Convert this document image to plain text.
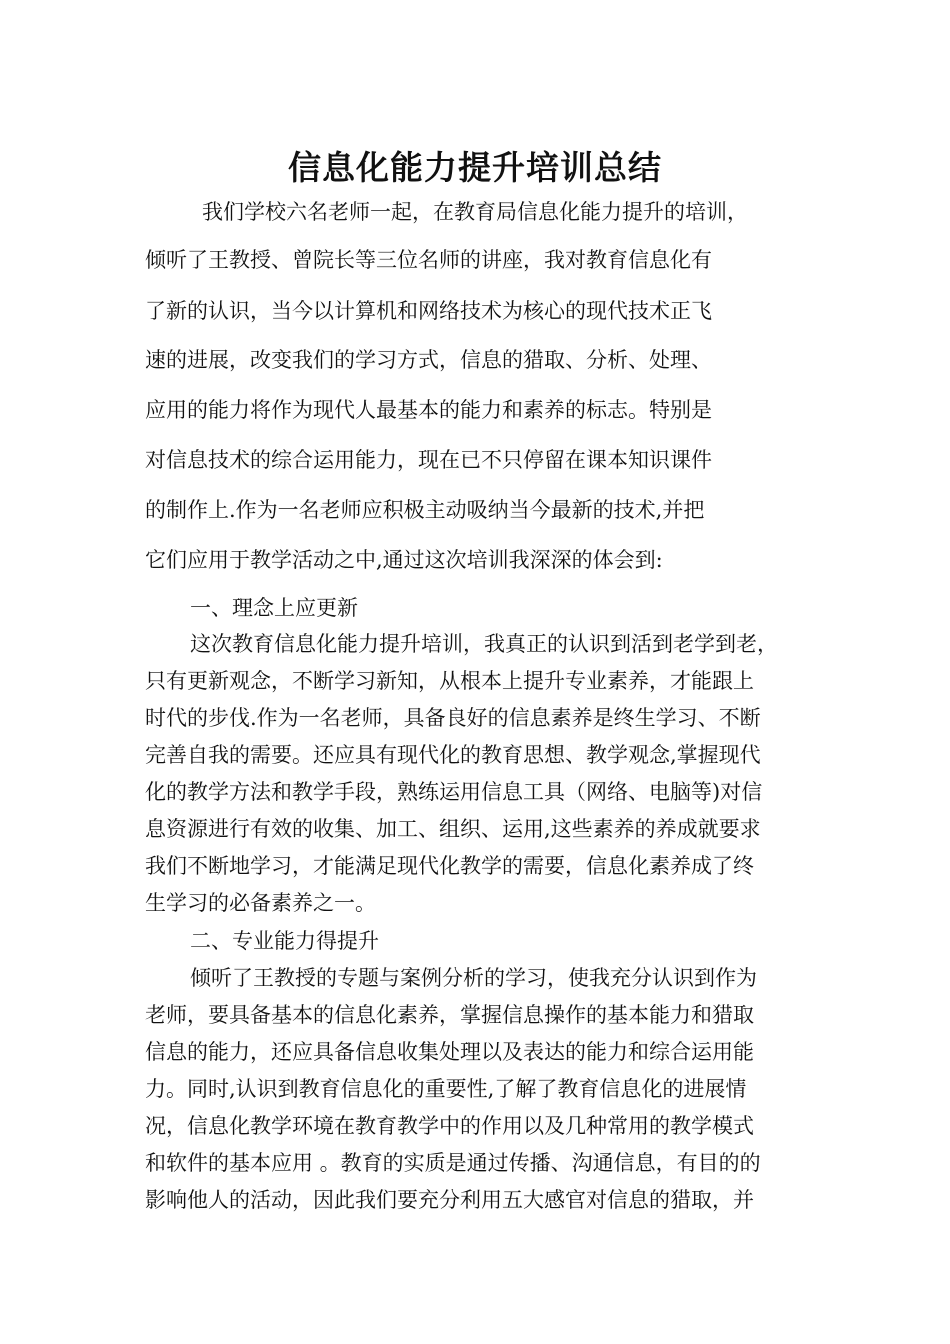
信息化能力提升培训总结

我们学校六名老师一起，在教育局信息化能力提升的培训，

倾听了王教授、曾院长等三位名师的讲座，我对教育信息化有

了新的认识，当今以计算机和网络技术为核心的现代技术正飞

速的进展，改变我们的学习方式，信息的猎取、分析、处理、

应用的能力将作为现代人最基本的能力和素养的标志。特别是

对信息技术的综合运用能力，现在已不只停留在课本知识课件

的制作上.作为一名老师应积极主动吸纳当今最新的技术,并把

它们应用于教学活动之中,通过这次培训我深深的体会到:

一、理念上应更新

这次教育信息化能力提升培训，我真正的认识到活到老学到老，

只有更新观念，不断学习新知，从根本上提升专业素养，才能跟上

时代的步伐.作为一名老师，具备良好的信息素养是终生学习、不断

完善自我的需要。还应具有现代化的教育思想、教学观念,掌握现代

化的教学方法和教学手段，熟练运用信息工具（网络、电脑等)对信

息资源进行有效的收集、加工、组织、运用,这些素养的养成就要求

我们不断地学习，才能满足现代化教学的需要，信息化素养成了终

生学习的必备素养之一。

二、专业能力得提升

倾听了王教授的专题与案例分析的学习，使我充分认识到作为

老师，要具备基本的信息化素养，掌握信息操作的基本能力和猎取

信息的能力，还应具备信息收集处理以及表达的能力和综合运用能

力。同时,认识到教育信息化的重要性,了解了教育信息化的进展情

况，信息化教学环境在教育教学中的作用以及几种常用的教学模式

和软件的基本应用 。教育的实质是通过传播、沟通信息，有目的的

影响他人的活动，因此我们要充分利用五大感官对信息的猎取，并
